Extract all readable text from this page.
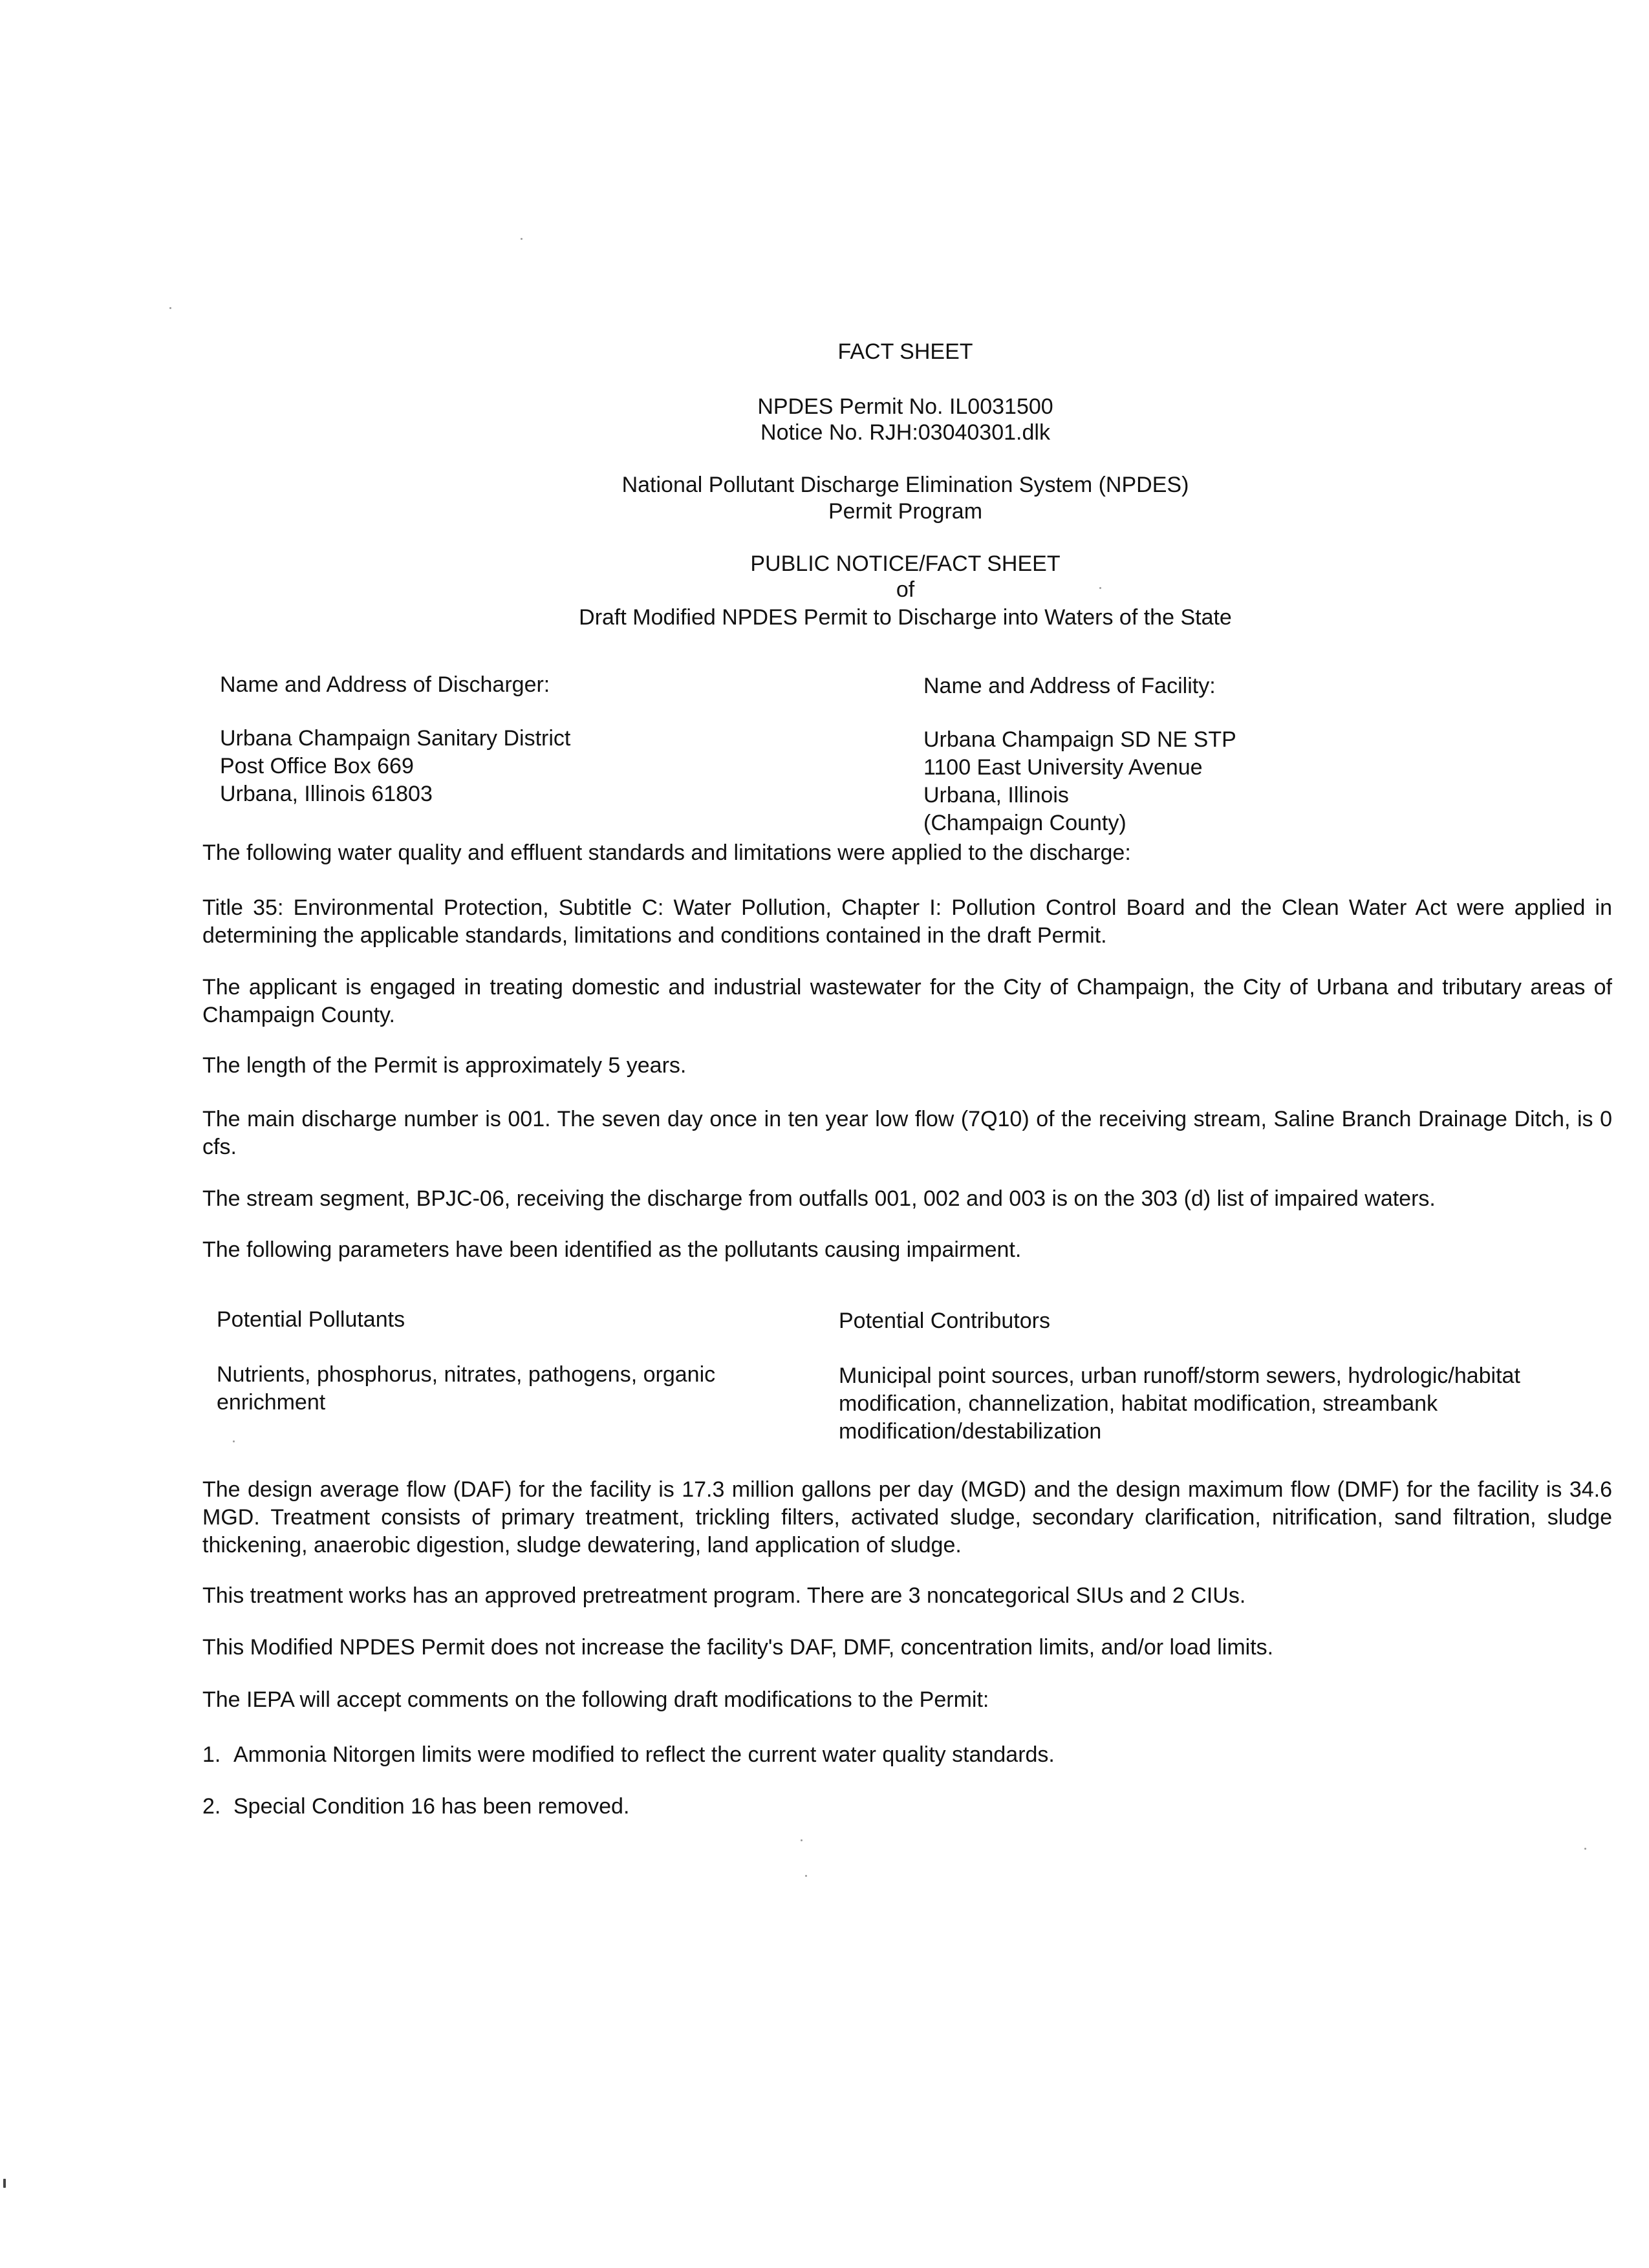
FACT SHEET
NPDES Permit No. IL0031500
Notice No. RJH:03040301.dlk
National Pollutant Discharge Elimination System (NPDES)
Permit Program
PUBLIC NOTICE/FACT SHEET
of
Draft Modified NPDES Permit to Discharge into Waters of the State
Name and Address of Discharger:
Urbana Champaign Sanitary District
Post Office Box 669
Urbana, Illinois 61803
Name and Address of Facility:
Urbana Champaign SD NE STP
1100 East University Avenue
Urbana, Illinois
(Champaign County)
The following water quality and effluent standards and limitations were applied to the discharge:
Title 35: Environmental Protection, Subtitle C: Water Pollution, Chapter I: Pollution Control Board and the Clean Water Act were applied in determining the applicable standards, limitations and conditions contained in the draft Permit.
The applicant is engaged in treating domestic and industrial wastewater for the City of Champaign, the City of Urbana and tributary areas of Champaign County.
The length of the Permit is approximately 5 years.
The main discharge number is 001. The seven day once in ten year low flow (7Q10) of the receiving stream, Saline Branch Drainage Ditch, is 0 cfs.
The stream segment, BPJC-06, receiving the discharge from outfalls 001, 002 and 003 is on the 303 (d) list of impaired waters.
The following parameters have been identified as the pollutants causing impairment.
Potential Pollutants
Nutrients, phosphorus, nitrates, pathogens, organic
enrichment
Potential Contributors
Municipal point sources, urban runoff/storm sewers, hydrologic/habitat
modification, channelization, habitat modification, streambank
modification/destabilization
The design average flow (DAF) for the facility is 17.3 million gallons per day (MGD) and the design maximum flow (DMF) for the facility is 34.6 MGD. Treatment consists of primary treatment, trickling filters, activated sludge, secondary clarification, nitrification, sand filtration, sludge thickening, anaerobic digestion, sludge dewatering, land application of sludge.
This treatment works has an approved pretreatment program. There are 3 noncategorical SIUs and 2 CIUs.
This Modified NPDES Permit does not increase the facility's DAF, DMF, concentration limits, and/or load limits.
The IEPA will accept comments on the following draft modifications to the Permit:
1. Ammonia Nitorgen limits were modified to reflect the current water quality standards.
2. Special Condition 16 has been removed.
